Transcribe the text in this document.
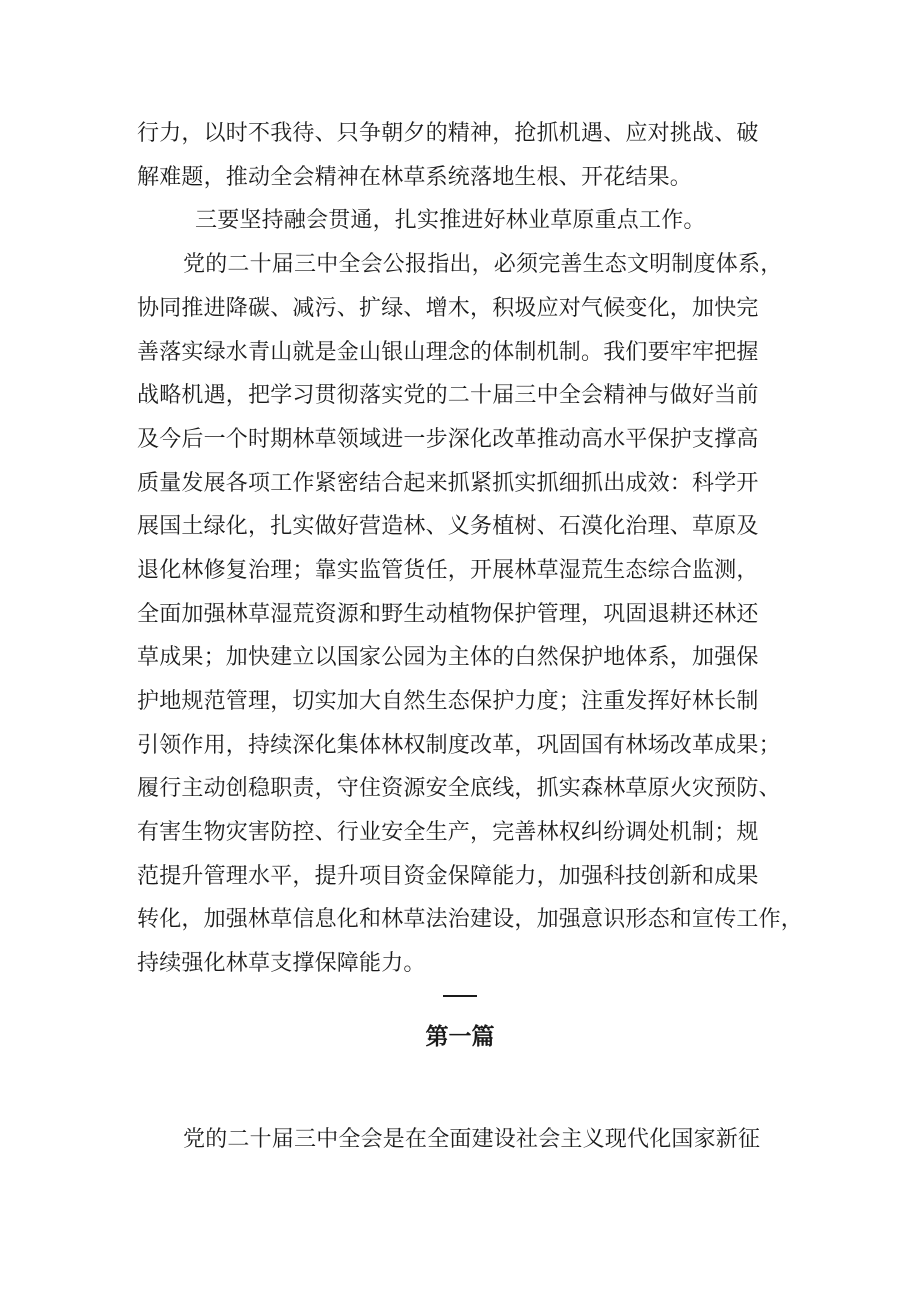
行力，以时不我待、只争朝夕的精神，抢抓机遇、应对挑战、破
解难题，推动全会精神在林草系统落地生根、开花结果。
三要坚持融会贯通，扎实推进好林业草原重点工作。
党的二十届三中全会公报指出，必须完善生态文明制度体系，
协同推进降碳、减污、扩绿、增木，积圾应对气候变化，加快完
善落实绿水青山就是金山银山理念的体制机制。我们要牢牢把握
战略机遇，把学习贯彻落实党的二十届三中全会精神与做好当前
及今后一个时期林草领域进一步深化改革推动高水平保护支撑高
质量发展各项工作紧密结合起来抓紧抓实抓细抓出成效：科学开
展国土绿化，扎实做好营造林、义务植树、石漠化治理、草原及
退化林修复治理；靠实监管货任，开展林草湿荒生态综合监测，
全面加强林草湿荒资源和野生动植物保护管理，巩固退耕还林还
草成果；加快建立以国家公园为主体的白然保护地体系，加强保
护地规范管理，切实加大自然生态保护力度；注重发挥好林长制
引领作用，持续深化集体林权制度改革，巩固国有林场改革成果；
履行主动创稳职责，守住资源安全底线，抓实森林草原火灾预防、
有害生物灾害防控、行业安全生产，完善林权纠纷调处机制；规
范提升管理水平，提升项目资金保障能力，加强科技创新和成果
转化，加强林草信息化和林草法治建设，加强意识形态和宣传工作，
持续强化林草支撑保障能力。
第一篇
党的二十届三中全会是在全面建设社会主义现代化国家新征
